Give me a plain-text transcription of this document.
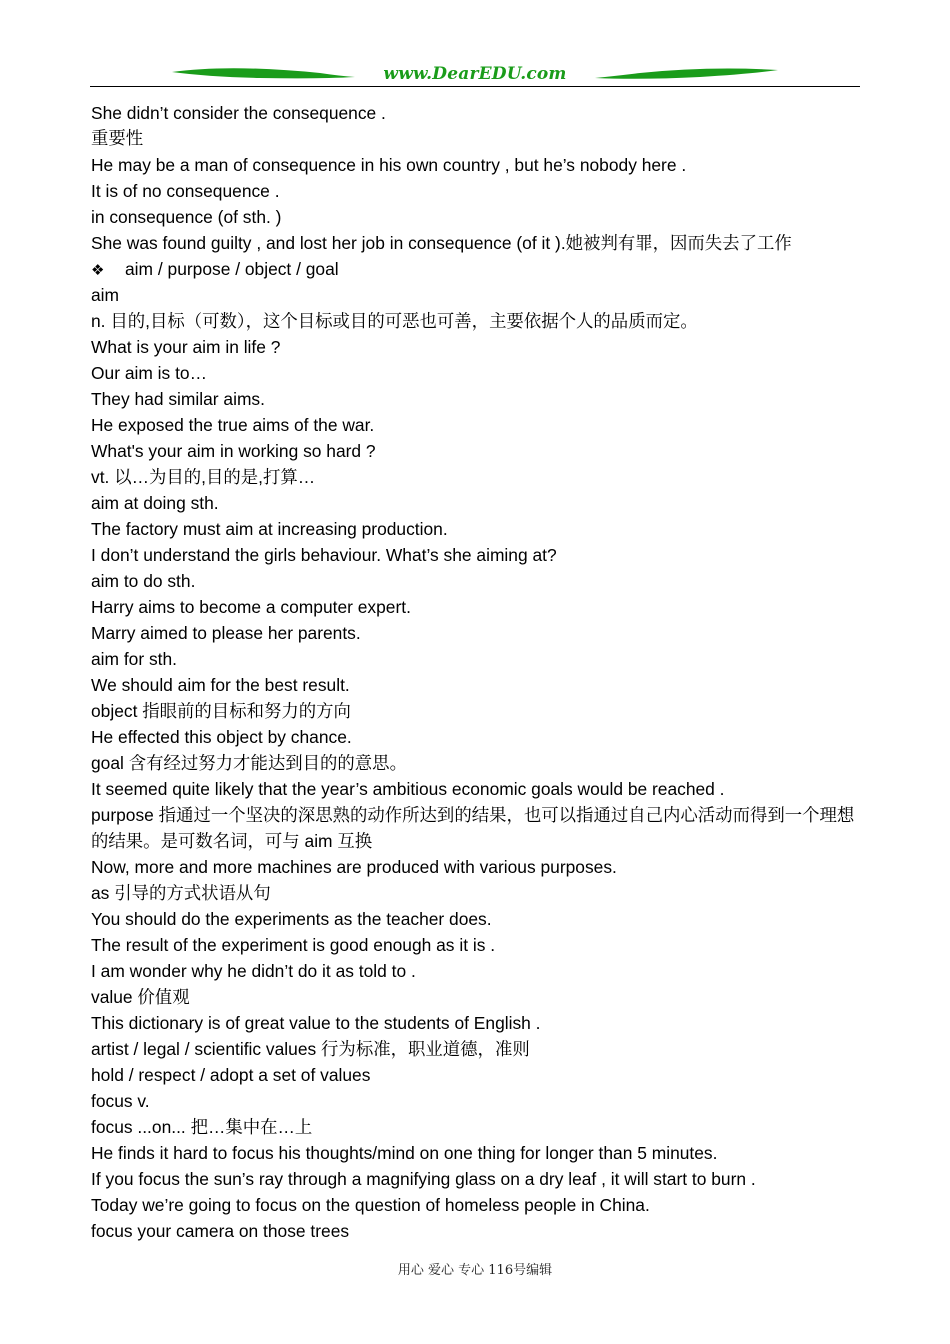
www.DearEDU.com
She didn’t consider the consequence .
重要性
He may be a man of consequence in his own country , but he’s nobody here .
It is of no consequence .
in consequence (of sth. )
She was found guilty , and lost her job in consequence (of it ).她被判有罪，因而失去了工作
❖ aim / purpose / object / goal
aim
n. 目的,目标（可数），这个目标或目的可恶也可善，主要依据个人的品质而定。
What is your aim in life ?
Our aim is to…
They had similar aims.
He exposed the true aims of the war.
What's your aim in working so hard ?
vt. 以…为目的,目的是,打算…
aim at doing sth.
The factory must aim at increasing production.
I don’t understand the girls behaviour. What’s she aiming at?
aim to do sth.
Harry aims to become a computer expert.
Marry aimed to please her parents.
aim for sth.
We should aim for the best result.
object 指眼前的目标和努力的方向
He effected this object by chance.
goal 含有经过努力才能达到目的的意思。
It seemed quite likely that the year’s ambitious economic goals would be reached .
purpose 指通过一个坚决的深思熟的动作所达到的结果，也可以指通过自己内心活动而得到一个理想的结果。是可数名词，可与 aim 互换
Now, more and more machines are produced with various purposes.
as 引导的方式状语从句
You should do the experiments as the teacher does.
The result of the experiment is good enough as it is .
I am wonder why he didn’t do it as told to .
value 价值观
This dictionary is of great value to the students of English .
artist / legal / scientific values 行为标准，职业道德，准则
hold / respect / adopt a set of values
focus v.
focus ...on... 把…集中在…上
He finds it hard to focus his thoughts/mind on one thing for longer than 5 minutes.
If you focus the sun’s ray through a magnifying glass on a dry leaf , it will start to burn .
Today we’re going to focus on the question of homeless people in China.
focus your camera on those trees
用心 爱心 专心 116号编辑
